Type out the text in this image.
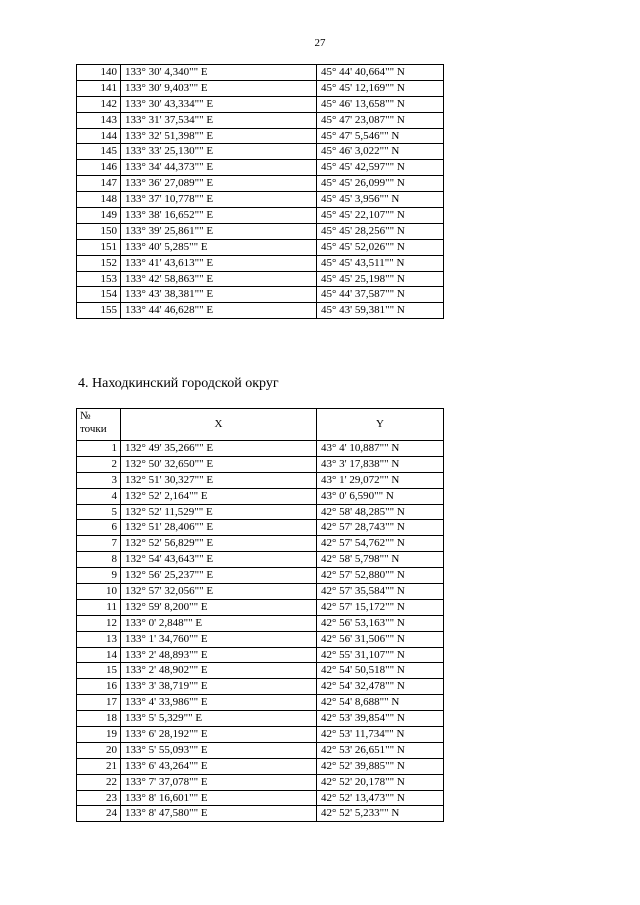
27
140	133° 30' 4,340"" E	45° 44' 40,664"" N
141	133° 30' 9,403"" E	45° 45' 12,169"" N
142	133° 30' 43,334"" E	45° 46' 13,658"" N
143	133° 31' 37,534"" E	45° 47' 23,087"" N
144	133° 32' 51,398"" E	45° 47' 5,546"" N
145	133° 33' 25,130"" E	45° 46' 3,022"" N
146	133° 34' 44,373"" E	45° 45' 42,597"" N
147	133° 36' 27,089"" E	45° 45' 26,099"" N
148	133° 37' 10,778"" E	45° 45' 3,956"" N
149	133° 38' 16,652"" E	45° 45' 22,107"" N
150	133° 39' 25,861"" E	45° 45' 28,256"" N
151	133° 40' 5,285"" E	45° 45' 52,026"" N
152	133° 41' 43,613"" E	45° 45' 43,511"" N
153	133° 42' 58,863"" E	45° 45' 25,198"" N
154	133° 43' 38,381"" E	45° 44' 37,587"" N
155	133° 44' 46,628"" E	45° 43' 59,381"" N
4. Находкинский городской округ
№ точки	X	Y
1	132° 49' 35,266"" E	43° 4' 10,887"" N
2	132° 50' 32,650"" E	43° 3' 17,838"" N
3	132° 51' 30,327"" E	43° 1' 29,072"" N
4	132° 52' 2,164"" E	43° 0' 6,590"" N
5	132° 52' 11,529"" E	42° 58' 48,285"" N
6	132° 51' 28,406"" E	42° 57' 28,743"" N
7	132° 52' 56,829"" E	42° 57' 54,762"" N
8	132° 54' 43,643"" E	42° 58' 5,798"" N
9	132° 56' 25,237"" E	42° 57' 52,880"" N
10	132° 57' 32,056"" E	42° 57' 35,584"" N
11	132° 59' 8,200"" E	42° 57' 15,172"" N
12	133° 0' 2,848"" E	42° 56' 53,163"" N
13	133° 1' 34,760"" E	42° 56' 31,506"" N
14	133° 2' 48,893"" E	42° 55' 31,107"" N
15	133° 2' 48,902"" E	42° 54' 50,518"" N
16	133° 3' 38,719"" E	42° 54' 32,478"" N
17	133° 4' 33,986"" E	42° 54' 8,688"" N
18	133° 5' 5,329"" E	42° 53' 39,854"" N
19	133° 6' 28,192"" E	42° 53' 11,734"" N
20	133° 5' 55,093"" E	42° 53' 26,651"" N
21	133° 6' 43,264"" E	42° 52' 39,885"" N
22	133° 7' 37,078"" E	42° 52' 20,178"" N
23	133° 8' 16,601"" E	42° 52' 13,473"" N
24	133° 8' 47,580"" E	42° 52' 5,233"" N
